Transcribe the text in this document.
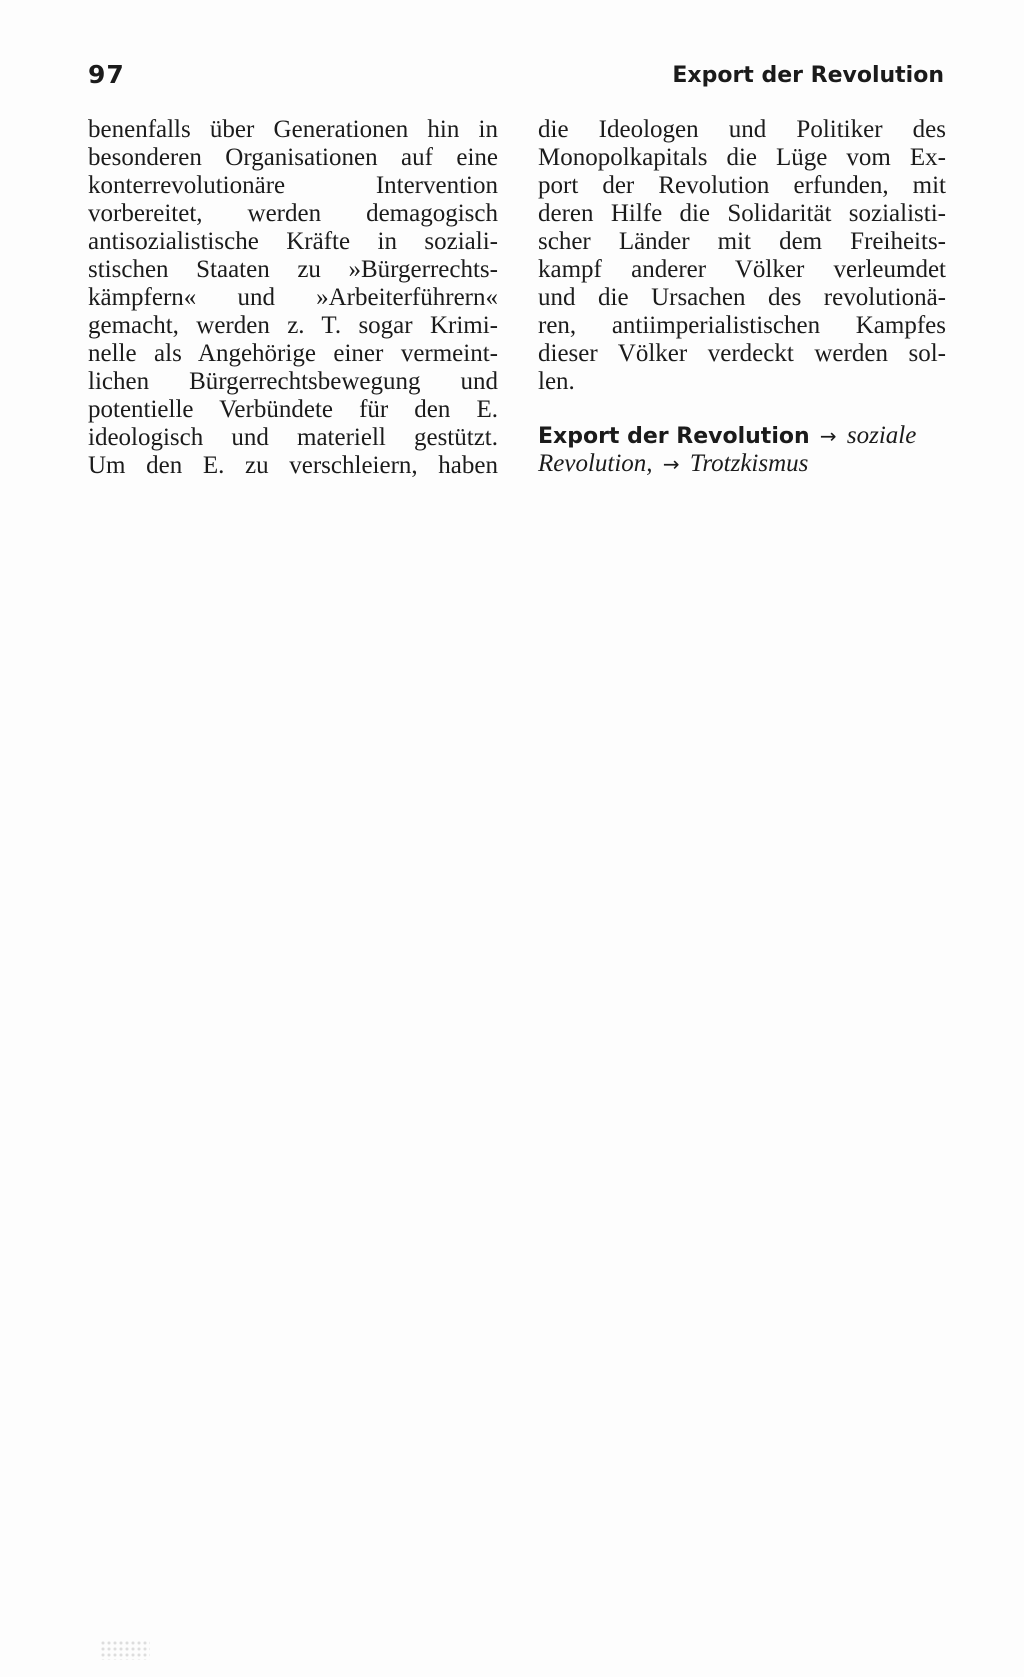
97	Export der Revolution
benenfalls über Generationen hin in
besonderen Organisationen auf eine
konterrevolutionäre Intervention
vorbereitet, werden demagogisch
antisozialistische Kräfte in soziali-
stischen Staaten zu »Bürgerrechts-
kämpfern« und »Arbeiterführern«
gemacht, werden z. T. sogar Krimi-
nelle als Angehörige einer vermeint-
lichen Bürgerrechtsbewegung und
potentielle Verbündete für den E.
ideologisch und materiell gestützt.
Um den E. zu verschleiern, haben
die Ideologen und Politiker des
Monopolkapitals die Lüge vom Ex-
port der Revolution erfunden, mit
deren Hilfe die Solidarität sozialisti-
scher Länder mit dem Freiheits-
kampf anderer Völker verleumdet
und die Ursachen des revolutionä-
ren, antiimperialistischen Kampfes
dieser Völker verdeckt werden sol-
len.
Export der Revolution → soziale
Revolution, → Trotzkismus
